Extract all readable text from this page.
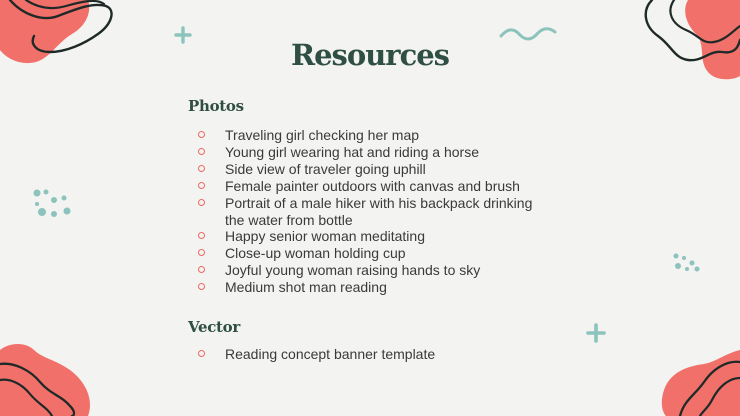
Resources
Photos
Traveling girl checking her map
Young girl wearing hat and riding a horse
Side view of traveler going uphill
Female painter outdoors with canvas and brush
Portrait of a male hiker with his backpack drinking the water from bottle
Happy senior woman meditating
Close-up woman holding cup
Joyful young woman raising hands to sky
Medium shot man reading
Vector
Reading concept banner template
